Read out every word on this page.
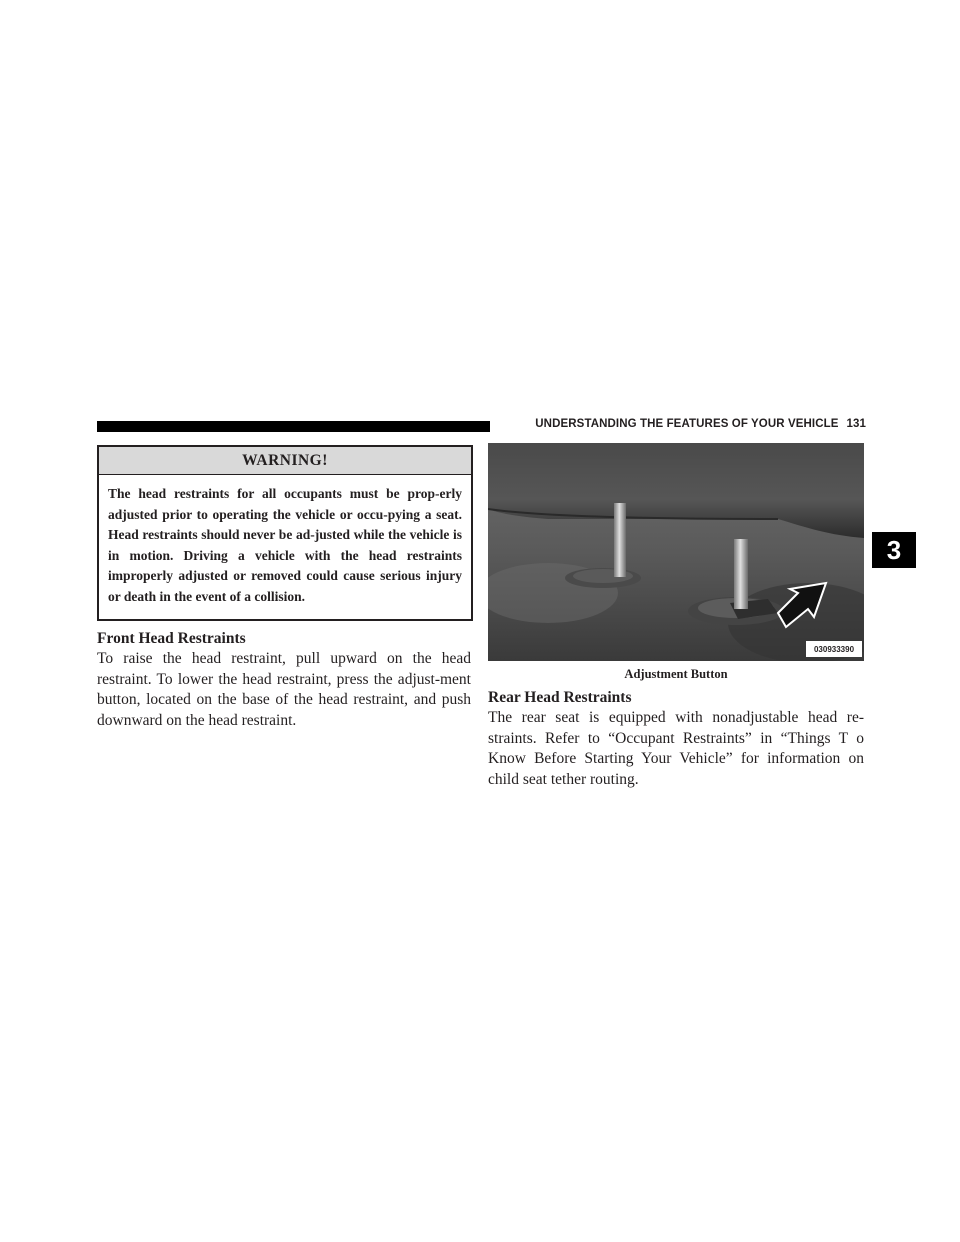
UNDERSTANDING THE FEATURES OF YOUR VEHICLE 131
3
WARNING!
The head restraints for all occupants must be prop-erly adjusted prior to operating the vehicle or occu-pying a seat. Head restraints should never be ad-justed while the vehicle is in motion. Driving a vehicle with the head restraints improperly adjusted or removed could cause serious injury or death in the event of a collision.
Front Head Restraints

To raise the head restraint, pull upward on the head restraint. To lower the head restraint, press the adjust-ment button, located on the base of the head restraint, and push downward on the head restraint.

030933390
Adjustment Button
Rear Head Restraints

The rear seat is equipped with nonadjustable head re-straints. Refer to “Occupant Restraints” in “Things T o Know Before Starting Your Vehicle” for information on child seat tether routing.
